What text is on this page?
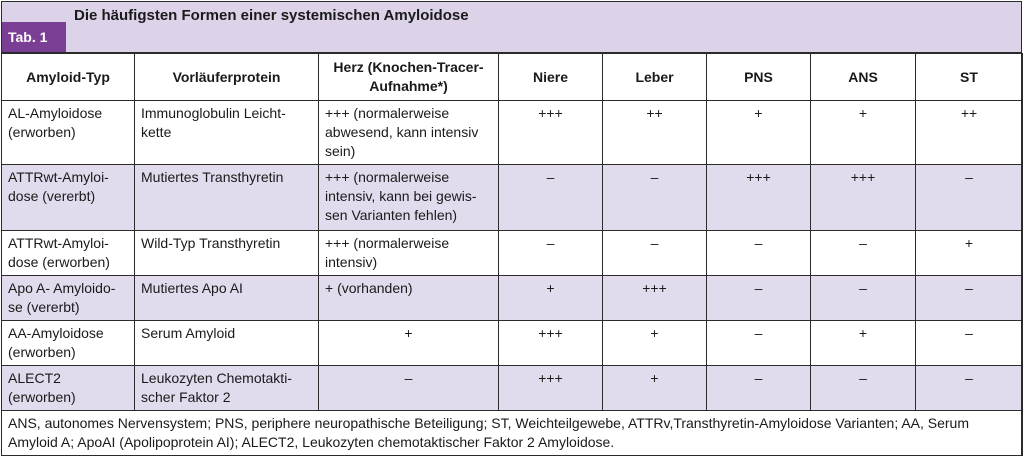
Die häufigsten Formen einer systemischen Amyloidose
Tab. 1
Amyloid-Typ	Vorläuferprotein	Herz (Knochen-Tracer- Aufnahme*)	Niere	Leber	PNS	ANS	ST
AL-Amyloidose (erworben)	Immunoglobulin Leicht-kette	+++ (normalerweise abwesend, kann intensiv sein)	+++	++	+	+	++
ATTRwt-Amyloi-dose (vererbt)	Mutiertes Transthyretin	+++ (normalerweise intensiv, kann bei gewis-sen Varianten fehlen)	–	–	+++	+++	–
ATTRwt-Amyloi-dose (erworben)	Wild-Typ Transthyretin	+++ (normalerweise intensiv)	–	–	–	–	+
Apo A- Amyloido-se (vererbt)	Mutiertes Apo AI	+ (vorhanden)	+	+++	–	–	–
AA-Amyloidose (erworben)	Serum Amyloid	+	+++	+	–	+	–
ALECT2 (erworben)	Leukozyten Chemotakti-scher Faktor 2	–	+++	+	–	–	–
ANS, autonomes Nervensystem; PNS, periphere neuropathische Beteiligung; ST, Weichteilgewebe, ATTRv,Transthyretin-Amyloidose Varianten; AA, Serum Amyloid A; ApoAI (Apolipoprotein AI); ALECT2, Leukozyten chemotaktischer Faktor 2 Amyloidose.							
